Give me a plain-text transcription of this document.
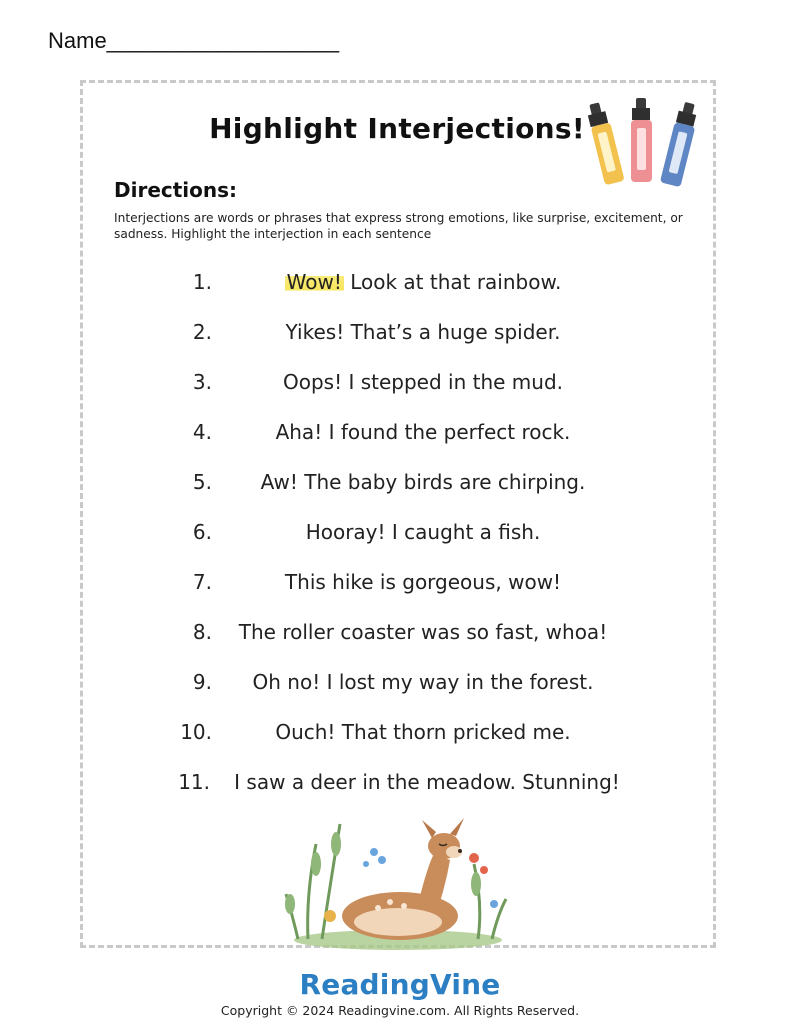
Name___________________
Highlight Interjections!
Directions:
Interjections are words or phrases that express strong emotions, like surprise, excitement, or sadness. Highlight the interjection in each sentence
1.	Wow! Look at that rainbow.
2.	Yikes! That’s a huge spider.
3.	Oops! I stepped in the mud.
4.	Aha! I found the perfect rock.
5.	Aw! The baby birds are chirping.
6.	Hooray! I caught a fish.
7.	This hike is gorgeous, wow!
8.	The roller coaster was so fast, whoa!
9.	Oh no! I lost my way in the forest.
10.	Ouch! That thorn pricked me.
11.	I saw a deer in the meadow. Stunning!
ReadingVine
Copyright © 2024 Readingvine.com. All Rights Reserved.
